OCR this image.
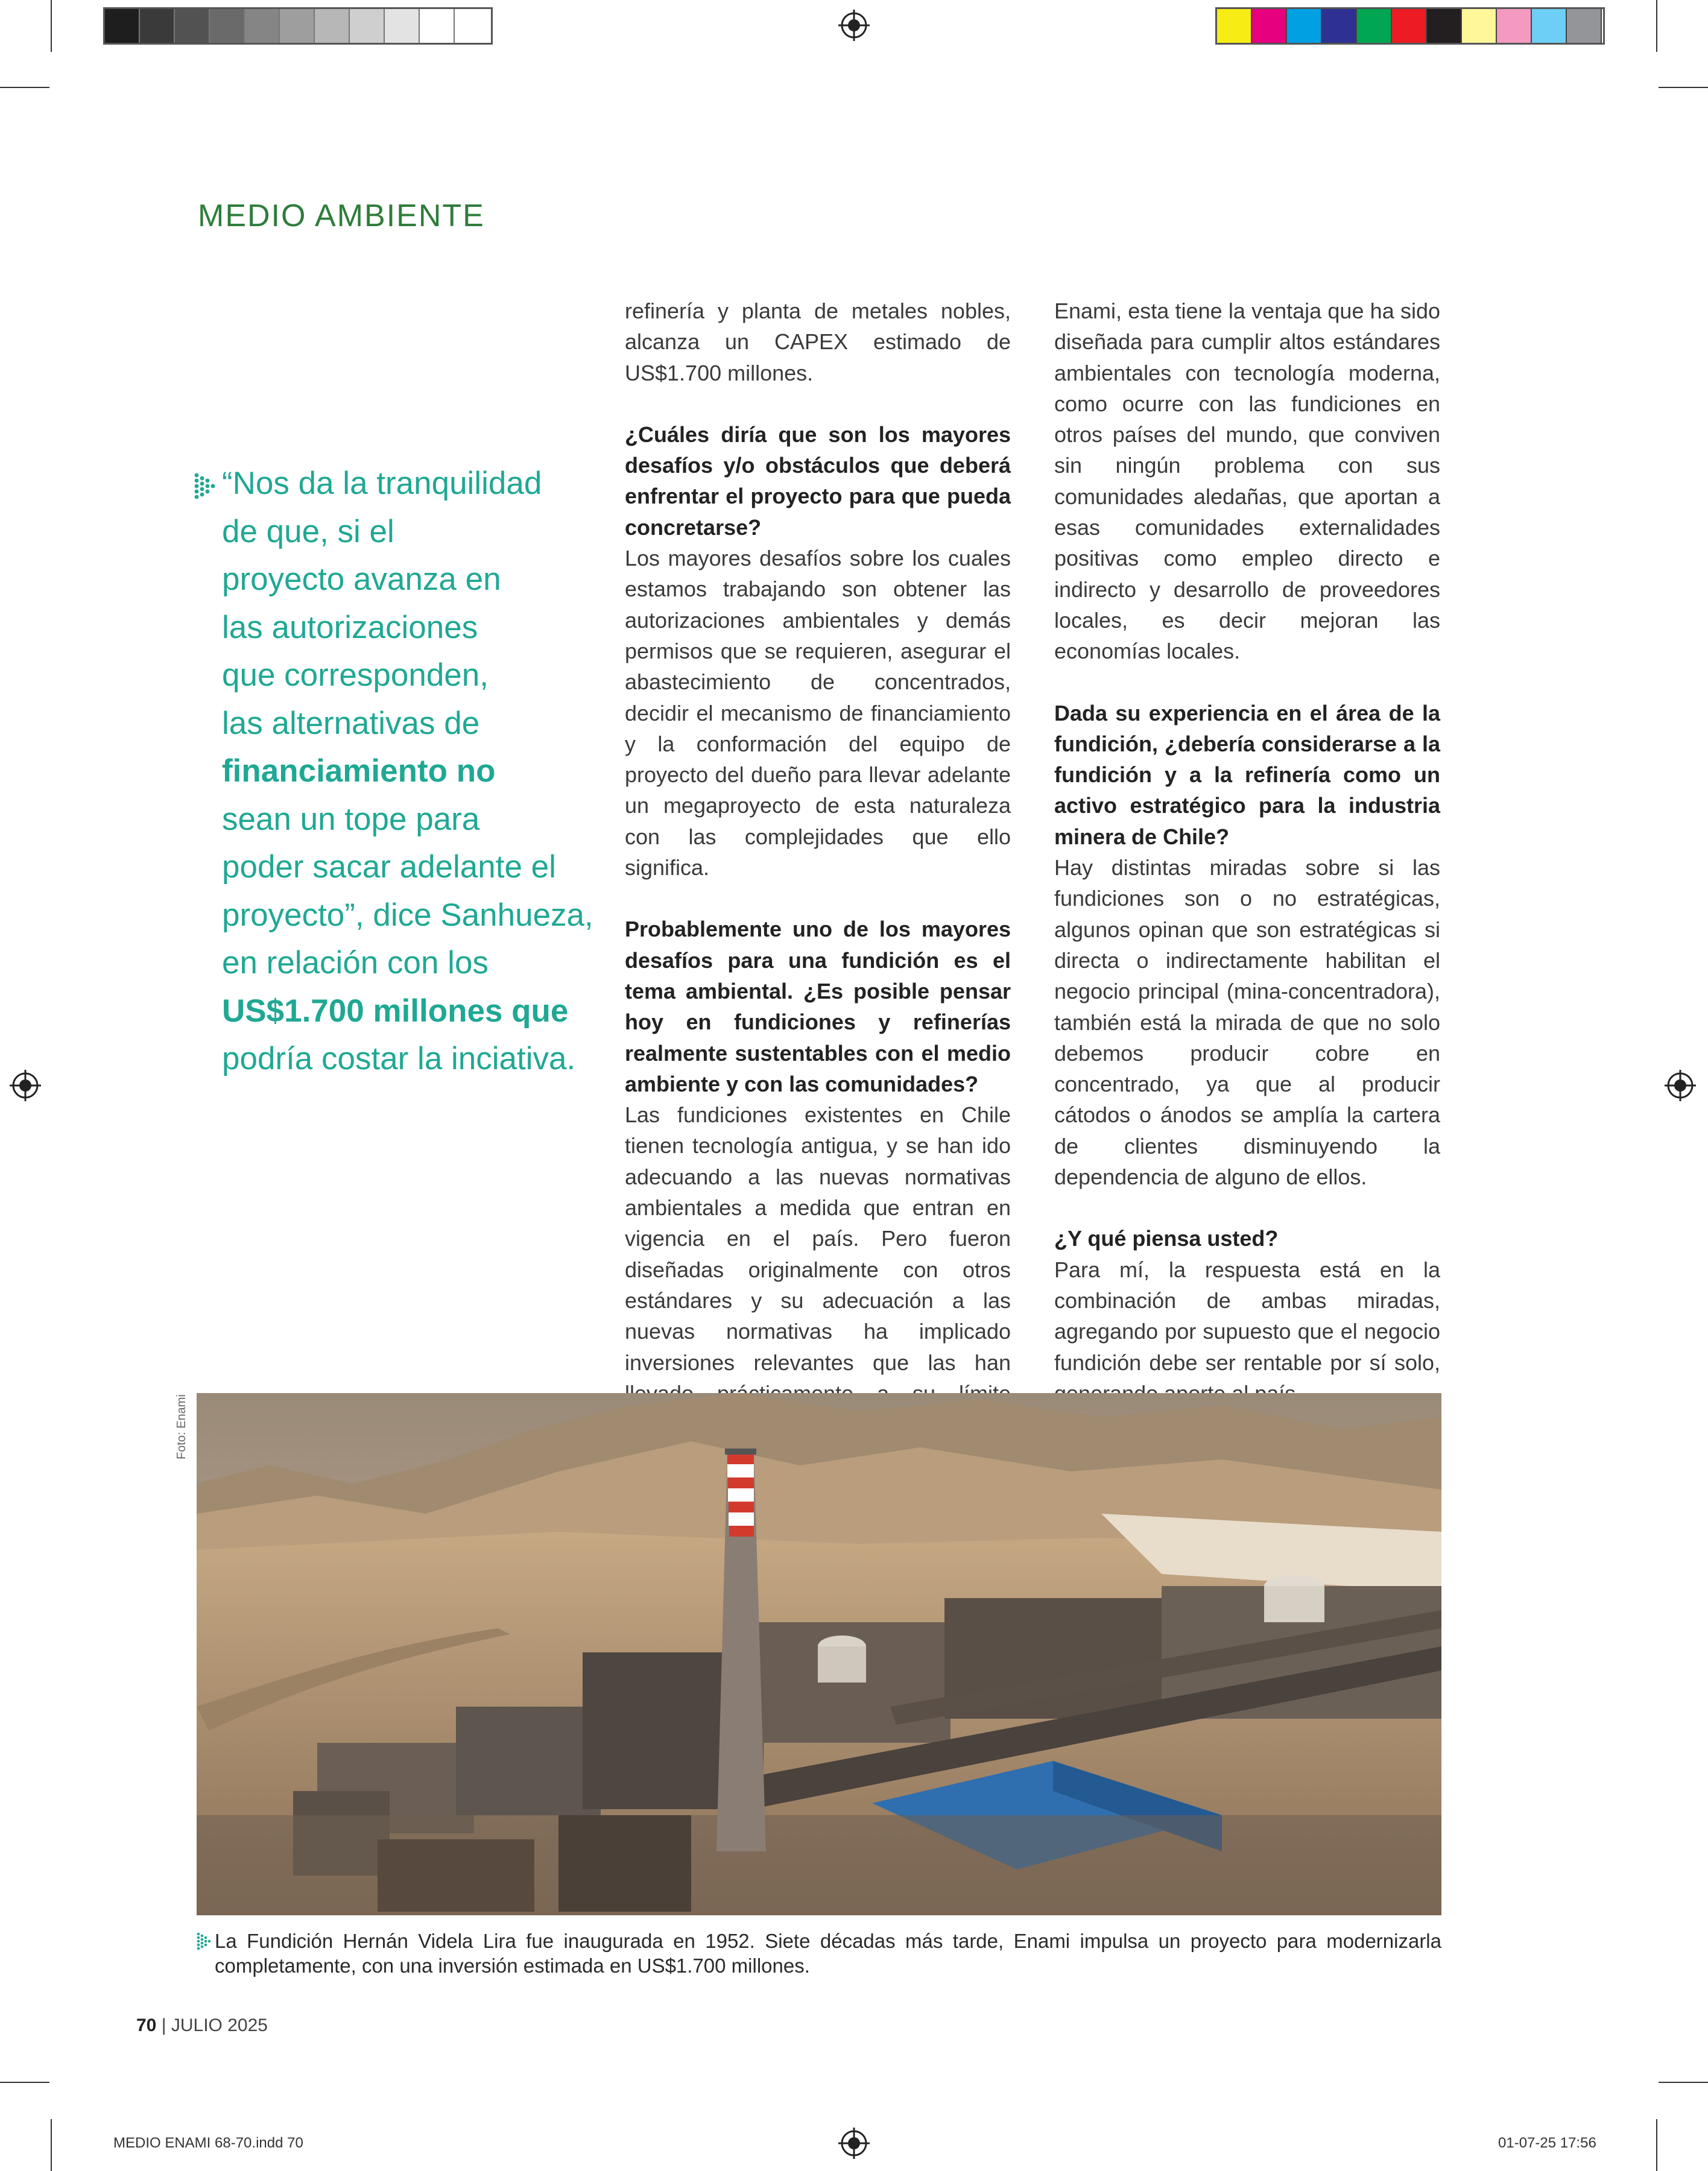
MEDIO AMBIENTE
“Nos da la tranquilidad
de que, si el
proyecto avanza en
las autorizaciones
que corresponden,
las alternativas de
financiamiento no
sean un tope para
poder sacar adelante el
proyecto”, dice Sanhueza,
en relación con los
US$1.700 millones que
podría costar la inciativa.

refinería y planta de metales nobles, alcanza un CAPEX estimado de US$1.700 millones.

¿Cuáles diría que son los mayores desafíos y/o obstáculos que deberá enfrentar el proyecto para que pueda concretarse?

Los mayores desafíos sobre los cuales estamos trabajando son obtener las autorizaciones ambientales y demás permisos que se requieren, asegurar el abastecimiento de concentrados, decidir el mecanismo de financiamiento y la conformación del equipo de proyecto del dueño para llevar adelante un megaproyecto de esta naturaleza con las complejidades que ello significa.

Probablemente uno de los mayores desafíos para una fundición es el tema ambiental. ¿Es posible pensar hoy en fundiciones y refinerías realmente sustentables con el medio ambiente y con las comunidades?

Las fundiciones existentes en Chile tienen tecnología antigua, y se han ido adecuando a las nuevas normativas ambientales a medida que entran en vigencia en el país. Pero fueron diseñadas originalmente con otros estándares y su adecuación a las nuevas normativas ha implicado inversiones relevantes que las han

Enami, esta tiene la ventaja que ha sido diseñada para cumplir altos estándares ambientales con tecnología moderna, como ocurre con las fundiciones en otros países del mundo, que conviven sin ningún problema con sus comunidades aledañas, que aportan a esas comunidades externalidades positivas como empleo directo e indirecto y desarrollo de proveedores locales, es decir mejoran las economías locales.

Dada su experiencia en el área de la fundición, ¿debería considerarse a la fundición y a la refinería como un activo estratégico para la industria minera de Chile?

Hay distintas miradas sobre si las fundiciones son o no estratégicas, algunos opinan que son estratégicas si directa o indirectamente habilitan el negocio principal (mina-concentradora), también está la mirada de que no solo debemos producir cobre en concentrado, ya que al producir cátodos o ánodos se amplía la cartera de clientes disminuyendo la dependencia de alguno de ellos.

¿Y qué piensa usted?

Para mí, la respuesta está en la combinación de ambas miradas, agregando por supuesto que el negocio fundición debe ser rentable por sí solo,

Foto: Enami
La Fundición Hernán Videla Lira fue inaugurada en 1952. Siete décadas más tarde, Enami impulsa un proyecto para modernizarla completamente, con una inversión estimada en US$1.700 millones.
70 | JULIO 2025
MEDIO ENAMI 68-70.indd 70	01-07-25 17:56
